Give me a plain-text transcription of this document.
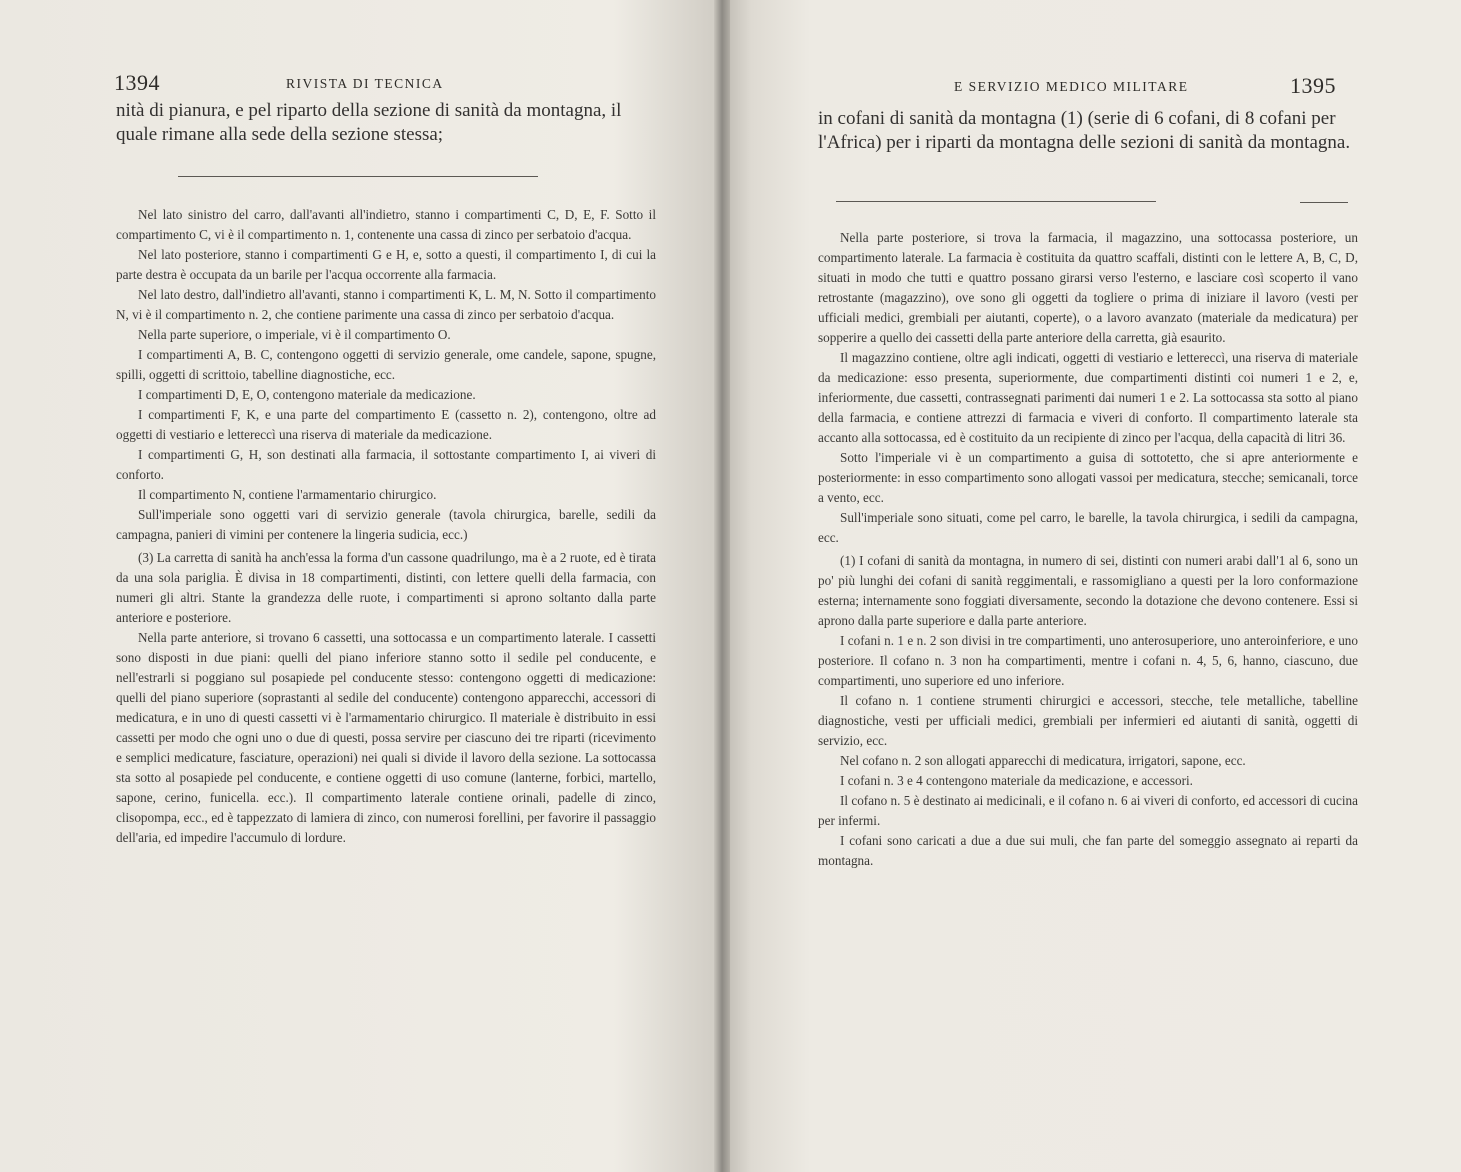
1394	RIVISTA DI TECNICA
nità di pianura, e pel riparto della sezione di sanità da montagna, il quale rimane alla sede della sezione stessa;

Nel lato sinistro del carro, dall'avanti all'indietro, stanno i compartimenti C, D, E, F. Sotto il compartimento C, vi è il compartimento n. 1, contenente una cassa di zinco per serbatoio d'acqua.

Nel lato posteriore, stanno i compartimenti G e H, e, sotto a questi, il compartimento I, di cui la parte destra è occupata da un barile per l'acqua occorrente alla farmacia.

Nel lato destro, dall'indietro all'avanti, stanno i compartimenti K, L. M, N. Sotto il compartimento N, vi è il compartimento n. 2, che contiene parimente una cassa di zinco per serbatoio d'acqua.

Nella parte superiore, o imperiale, vi è il compartimento O.

I compartimenti A, B. C, contengono oggetti di servizio generale, ome candele, sapone, spugne, spilli, oggetti di scrittoio, tabelline diagnostiche, ecc.

I compartimenti D, E, O, contengono materiale da medicazione.

I compartimenti F, K, e una parte del compartimento E (cassetto n. 2), contengono, oltre ad oggetti di vestiario e lettereccì una riserva di materiale da medicazione.

I compartimenti G, H, son destinati alla farmacia, il sottostante compartimento I, ai viveri di conforto.

Il compartimento N, contiene l'armamentario chirurgico.

Sull'imperiale sono oggetti vari di servizio generale (tavola chirurgica, barelle, sedili da campagna, panieri di vimini per contenere la lingeria sudicia, ecc.)

(3) La carretta di sanità ha anch'essa la forma d'un cassone quadrilungo, ma è a 2 ruote, ed è tirata da una sola pariglia. È divisa in 18 compartimenti, distinti, con lettere quelli della farmacia, con numeri gli altri. Stante la grandezza delle ruote, i compartimenti si aprono soltanto dalla parte anteriore e posteriore.

Nella parte anteriore, si trovano 6 cassetti, una sottocassa e un compartimento laterale. I cassetti sono disposti in due piani: quelli del piano inferiore stanno sotto il sedile pel conducente, e nell'estrarli si poggiano sul posapiede pel conducente stesso: contengono oggetti di medicazione: quelli del piano superiore (soprastanti al sedile del conducente) contengono apparecchi, accessori di medicatura, e in uno di questi cassetti vi è l'armamentario chirurgico. Il materiale è distribuito in essi cassetti per modo che ogni uno o due di questi, possa servire per ciascuno dei tre riparti (ricevimento e semplici medicature, fasciature, operazioni) nei quali si divide il lavoro della sezione. La sottocassa sta sotto al posapiede pel conducente, e contiene oggetti di uso comune (lanterne, forbici, martello, sapone, cerino, funicella. ecc.). Il compartimento laterale contiene orinali, padelle di zinco, clisopompa, ecc., ed è tappezzato di lamiera di zinco, con numerosi forellini, per favorire il passaggio dell'aria, ed impedire l'accumulo di lordure.

1395
E SERVIZIO MEDICO MILITARE
in cofani di sanità da montagna (1) (serie di 6 cofani, di 8 cofani per l'Africa) per i riparti da montagna delle sezioni di sanità da montagna.

Nella parte posteriore, si trova la farmacia, il magazzino, una sottocassa posteriore, un compartimento laterale. La farmacia è costituita da quattro scaffali, distinti con le lettere A, B, C, D, situati in modo che tutti e quattro possano girarsi verso l'esterno, e lasciare così scoperto il vano retrostante (magazzino), ove sono gli oggetti da togliere o prima di iniziare il lavoro (vesti per ufficiali medici, grembiali per aiutanti, coperte), o a lavoro avanzato (materiale da medicatura) per sopperire a quello dei cassetti della parte anteriore della carretta, già esaurito.

Il magazzino contiene, oltre agli indicati, oggetti di vestiario e lettereccì, una riserva di materiale da medicazione: esso presenta, superiormente, due compartimenti distinti coi numeri 1 e 2, e, inferiormente, due cassetti, contrassegnati parimenti dai numeri 1 e 2. La sottocassa sta sotto al piano della farmacia, e contiene attrezzi di farmacia e viveri di conforto. Il compartimento laterale sta accanto alla sottocassa, ed è costituito da un recipiente di zinco per l'acqua, della capacità di litri 36.

Sotto l'imperiale vi è un compartimento a guisa di sottotetto, che si apre anteriormente e posteriormente: in esso compartimento sono allogati vassoi per medicatura, stecche; semicanali, torce a vento, ecc.

Sull'imperiale sono situati, come pel carro, le barelle, la tavola chirurgica, i sedili da campagna, ecc.

(1) I cofani di sanità da montagna, in numero di sei, distinti con numeri arabi dall'1 al 6, sono un po' più lunghi dei cofani di sanità reggimentali, e rassomigliano a questi per la loro conformazione esterna; internamente sono foggiati diversamente, secondo la dotazione che devono contenere. Essi si aprono dalla parte superiore e dalla parte anteriore.

I cofani n. 1 e n. 2 son divisi in tre compartimenti, uno anterosuperiore, uno anteroinferiore, e uno posteriore. Il cofano n. 3 non ha compartimenti, mentre i cofani n. 4, 5, 6, hanno, ciascuno, due compartimenti, uno superiore ed uno inferiore.

Il cofano n. 1 contiene strumenti chirurgici e accessori, stecche, tele metalliche, tabelline diagnostiche, vesti per ufficiali medici, grembiali per infermieri ed aiutanti di sanità, oggetti di servizio, ecc.

Nel cofano n. 2 son allogati apparecchi di medicatura, irrigatori, sapone, ecc.

I cofani n. 3 e 4 contengono materiale da medicazione, e accessori.

Il cofano n. 5 è destinato ai medicinali, e il cofano n. 6 ai viveri di conforto, ed accessori di cucina per infermi.

I cofani sono caricati a due a due sui muli, che fan parte del someggio assegnato ai reparti da montagna.
